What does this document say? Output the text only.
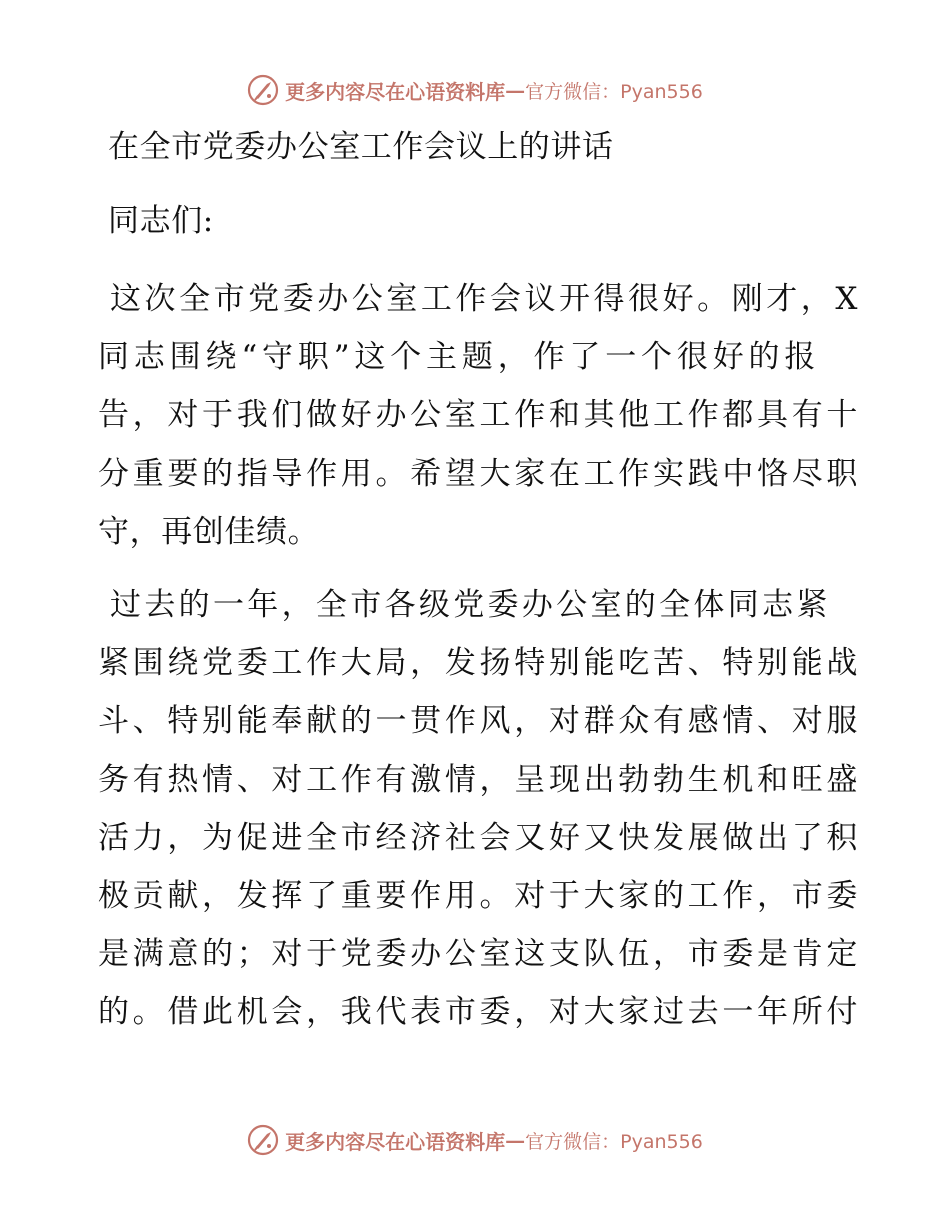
更多内容尽在心语资料库 — 官方微信：Pyan556
在全市党委办公室工作会议上的讲话

同志们:

这次全市党委办公室工作会议开得很好。刚才，X
同志围绕“守职”这个主题，作了一个很好的报
告，对于我们做好办公室工作和其他工作都具有十
分重要的指导作用。希望大家在工作实践中恪尽职
守，再创佳绩。
过去的一年，全市各级党委办公室的全体同志紧
紧围绕党委工作大局，发扬特别能吃苦、特别能战
斗、特别能奉献的一贯作风，对群众有感情、对服
务有热情、对工作有激情，呈现出勃勃生机和旺盛
活力，为促进全市经济社会又好又快发展做出了积
极贡献，发挥了重要作用。对于大家的工作，市委
是满意的；对于党委办公室这支队伍，市委是肯定
的。借此机会，我代表市委，对大家过去一年所付
更多内容尽在心语资料库 — 官方微信：Pyan556
